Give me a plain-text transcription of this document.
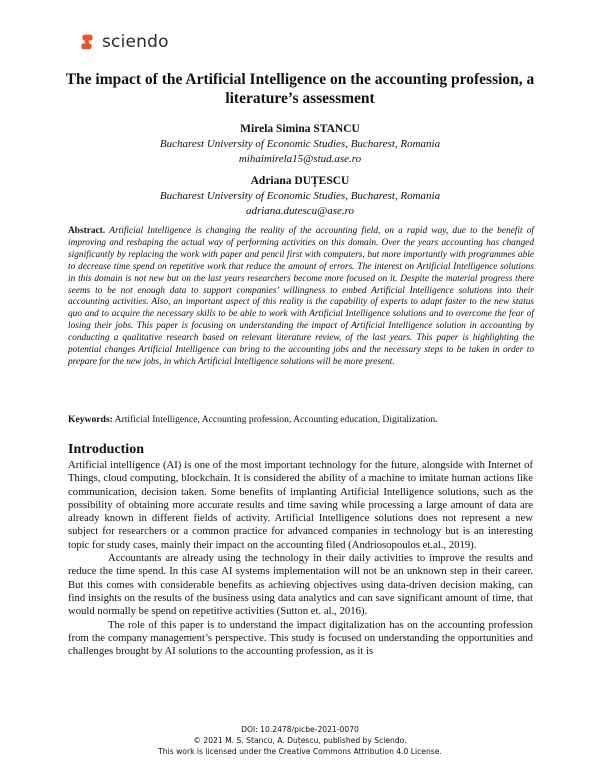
sciendo
The impact of the Artificial Intelligence on the accounting profession, a literature’s assessment
Mirela Simina STANCU
Bucharest University of Economic Studies, Bucharest, Romania
mihaimirela15@stud.ase.ro
Adriana DUȚESCU
Bucharest University of Economic Studies, Bucharest, Romania
adriana.dutescu@ase.ro
Abstract. Artificial Intelligence is changing the reality of the accounting field, on a rapid way, due to the benefit of improving and reshaping the actual way of performing activities on this domain. Over the years accounting has changed significantly by replacing the work with paper and pencil first with computers, but more importantly with programmes able to decrease time spend on repetitive work that reduce the amount of errors. The interest on Artificial Intelligence solutions in this domain is not new but on the last years researchers become more focused on it. Despite the material progress there seems to be not enough data to support companies’ willingness to embed Artificial Intelligence solutions into their accounting activities. Also, an important aspect of this reality is the capability of experts to adapt faster to the new status quo and to acquire the necessary skills to be able to work with Artificial Intelligence solutions and to overcome the fear of losing their jobs. This paper is focusing on understanding the impact of Artificial Intelligence solution in accounting by conducting a qualitative research based on relevant literature review, of the last years. This paper is highlighting the potential changes Artificial Intelligence can bring to the accounting jobs and the necessary steps to be taken in order to prepare for the new jobs, in which Artificial Intelligence solutions will be more present.
Keywords: Artificial Intelligence, Accounting profession, Accounting education, Digitalization.
Introduction

Artificial intelligence (AI) is one of the most important technology for the future, alongside with Internet of Things, cloud computing, blockchain. It is considered the ability of a machine to imitate human actions like communication, decision taken. Some benefits of implanting Artificial Intelligence solutions, such as the possibility of obtaining more accurate results and time saving while processing a large amount of data are already known in different fields of activity. Artificial Intelligence solutions does not represent a new subject for researchers or a common practice for advanced companies in technology but is an interesting topic for study cases, mainly their impact on the accounting filed (Andriosopoulos et.al., 2019).

Accountants are already using the technology in their daily activities to improve the results and reduce the time spend. In this case AI systems implementation will not be an unknown step in their career. But this comes with considerable benefits as achieving objectives using data-driven decision making, can find insights on the results of the business using data analytics and can save significant amount of time, that would normally be spend on repetitive activities (Sutton et. al., 2016).

The role of this paper is to understand the impact digitalization has on the accounting profession from the company management’s perspective. This study is focused on understanding the opportunities and challenges brought by AI solutions to the accounting profession, as it is

DOI: 10.2478/picbe-2021-0070
© 2021 M. S. Stancu, A. Duțescu, published by Sciendo.
This work is licensed under the Creative Commons Attribution 4.0 License.
